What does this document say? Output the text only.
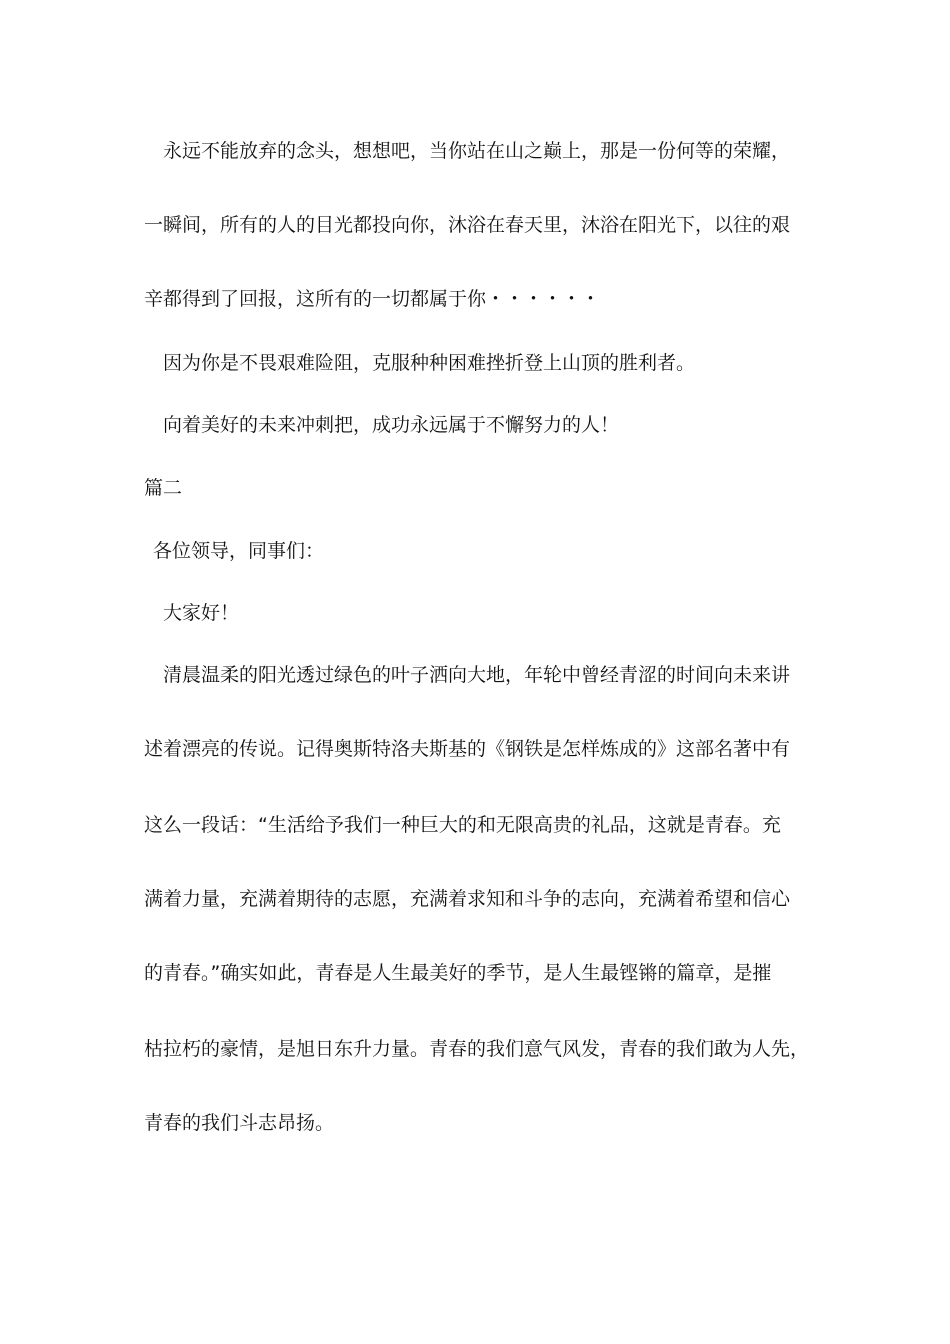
永远不能放弃的念头，想想吧，当你站在山之巅上，那是一份何等的荣耀，
一瞬间，所有的人的目光都投向你，沐浴在春天里，沐浴在阳光下，以往的艰
辛都得到了回报，这所有的一切都属于你・・・・・・
因为你是不畏艰难险阻，克服种种困难挫折登上山顶的胜利者。
向着美好的未来冲刺把，成功永远属于不懈努力的人！
篇二
各位领导，同事们：
大家好！
清晨温柔的阳光透过绿色的叶子洒向大地，年轮中曾经青涩的时间向未来讲
述着漂亮的传说。记得奥斯特洛夫斯基的《钢铁是怎样炼成的》这部名著中有
这么一段话：“生活给予我们一种巨大的和无限高贵的礼品，这就是青春。充
满着力量，充满着期待的志愿，充满着求知和斗争的志向，充满着希望和信心
的青春。”确实如此，青春是人生最美好的季节，是人生最铿锵的篇章，是摧
枯拉朽的豪情，是旭日东升力量。青春的我们意气风发，青春的我们敢为人先，
青春的我们斗志昂扬。
